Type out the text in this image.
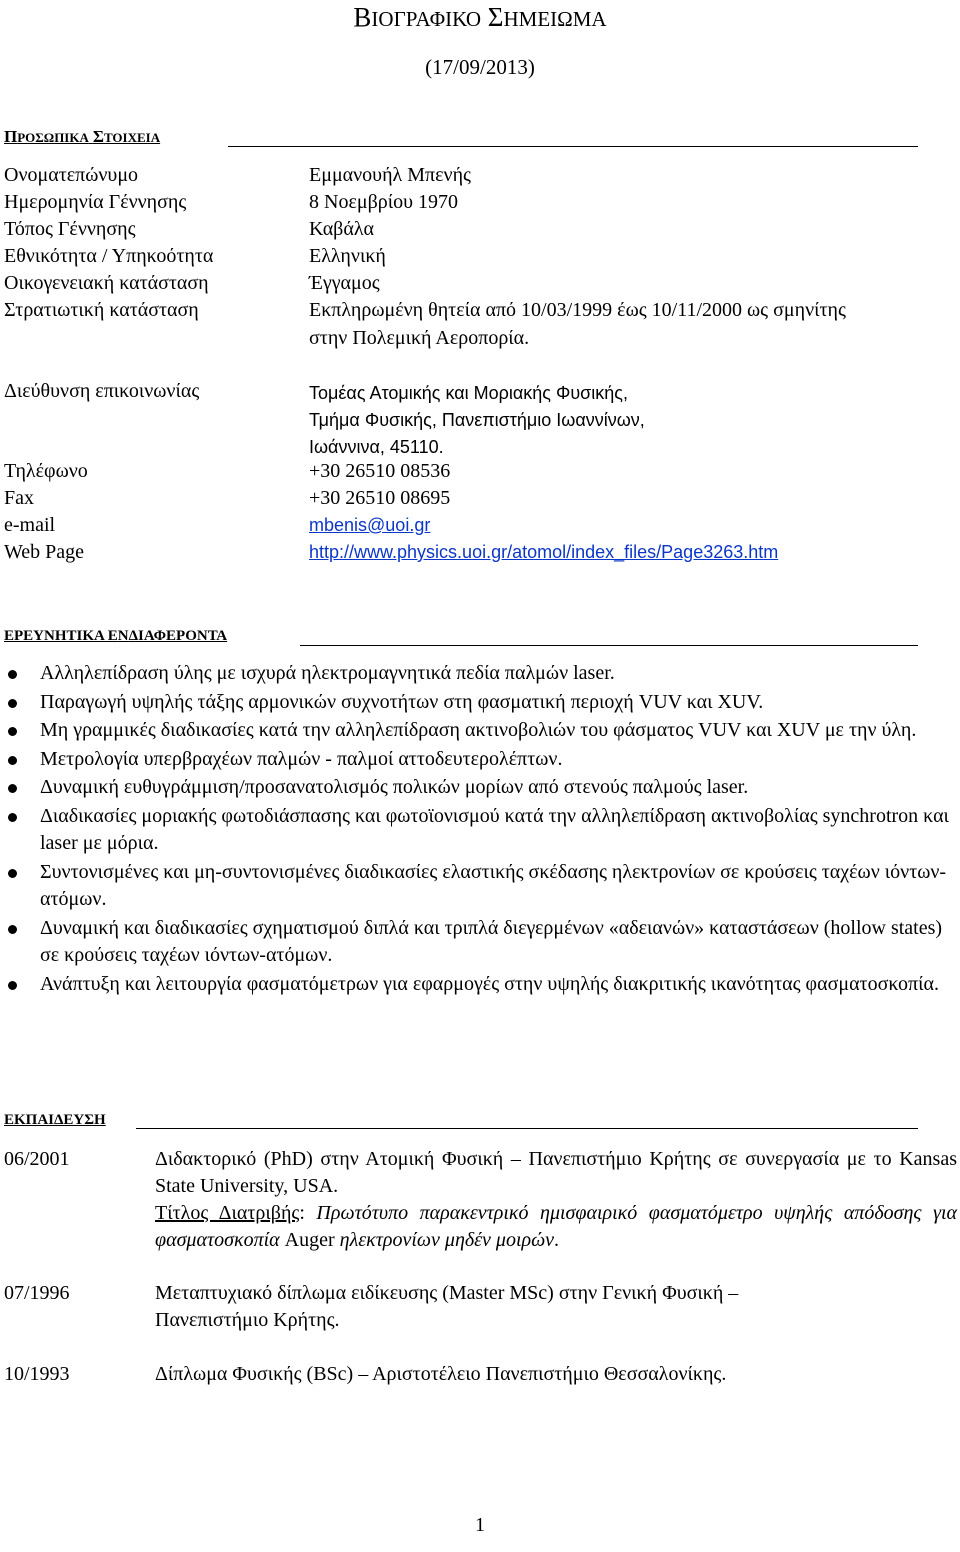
ΒΙΟΓΡΑΦΙΚΟ ΣΗΜΕΙΩΜΑ
(17/09/2013)
ΠΡΟΣΩΠΙΚΑ ΣΤΟΙΧΕΙΑ
Ονοματεπώνυμο	Εμμανουήλ Μπενής
Ημερομηνία Γέννησης	8 Νοεμβρίου 1970
Τόπος Γέννησης	Καβάλα
Εθνικότητα / Υπηκοότητα	Ελληνική
Οικογενειακή κατάσταση	Έγγαμος
Στρατιωτική κατάσταση	Εκπληρωμένη θητεία από 10/03/1999 έως 10/11/2000 ως σμηνίτης
στην Πολεμική Αεροπορία.
Διεύθυνση επικοινωνίας	Τομέας Ατομικής και Μοριακής Φυσικής,
Τμήμα Φυσικής, Πανεπιστήμιο Ιωαννίνων,
Ιωάννινα, 45110.
Τηλέφωνο	+30 26510 08536
Fax	+30 26510 08695
e-mail	mbenis@uoi.gr
Web Page	http://www.physics.uoi.gr/atomol/index_files/Page3263.htm
ΕΡΕΥΝΗΤΙΚΑ ΕΝΔΙΑΦΕΡΟΝΤΑ
Αλληλεπίδραση ύλης με ισχυρά ηλεκτρομαγνητικά πεδία παλμών laser.
Παραγωγή υψηλής τάξης αρμονικών συχνοτήτων στη φασματική περιοχή VUV και XUV.
Μη γραμμικές διαδικασίες κατά την αλληλεπίδραση ακτινοβολιών του φάσματος VUV και XUV με την ύλη.
Μετρολογία υπερβραχέων παλμών - παλμοί αττοδευτερολέπτων.
Δυναμική ευθυγράμμιση/προσανατολισμός πολικών μορίων από στενούς παλμούς laser.
Διαδικασίες μοριακής φωτοδιάσπασης και φωτοϊονισμού κατά την αλληλεπίδραση ακτινοβολίας synchrotron και laser με μόρια.
Συντονισμένες και μη-συντονισμένες διαδικασίες ελαστικής σκέδασης ηλεκτρονίων σε κρούσεις ταχέων ιόντων-ατόμων.
Δυναμική και διαδικασίες σχηματισμού διπλά και τριπλά διεγερμένων «αδειανών» καταστάσεων (hollow states) σε κρούσεις ταχέων ιόντων-ατόμων.
Ανάπτυξη και λειτουργία φασματόμετρων για εφαρμογές στην υψηλής διακριτικής ικανότητας φασματοσκοπία.
ΕΚΠΑΙΔΕΥΣΗ
06/2001	Διδακτορικό (PhD) στην Ατομική Φυσική – Πανεπιστήμιο Κρήτης σε συνεργασία με το Kansas State University, USA.
Τίτλος Διατριβής: Πρωτότυπο παρακεντρικό ημισφαιρικό φασματόμετρο υψηλής απόδοσης για φασματοσκοπία Auger ηλεκτρονίων μηδέν μοιρών.
07/1996	Μεταπτυχιακό δίπλωμα ειδίκευσης (Master MSc) στην Γενική Φυσική – Πανεπιστήμιο Κρήτης.
10/1993	Δίπλωμα Φυσικής (BSc) – Αριστοτέλειο Πανεπιστήμιο Θεσσαλονίκης.
1
